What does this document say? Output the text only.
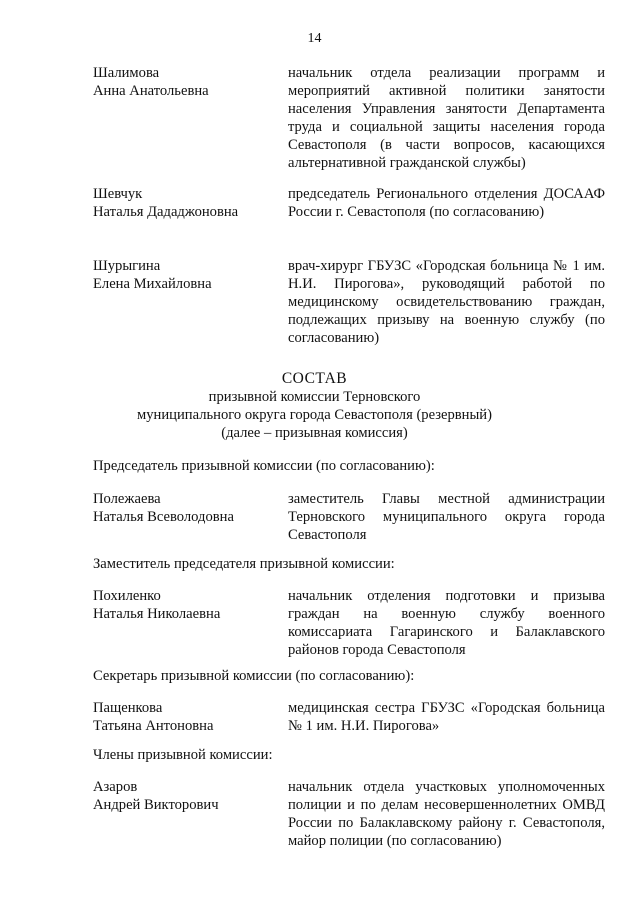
14
Шалимова
Анна Анатольевна
начальник отдела реализации программ и мероприятий активной политики занятости населения Управления занятости Департамента труда и социальной защиты населения города Севастополя (в части вопросов, касающихся альтернативной гражданской службы)
Шевчук
Наталья Дададжоновна
председатель Регионального отделения ДОСААФ России г. Севастополя (по согласованию)
Шурыгина
Елена Михайловна
врач-хирург ГБУЗС «Городская больница № 1 им. Н.И. Пирогова», руководящий работой по медицинскому освидетельствованию граждан, подлежащих призыву на военную службу (по согласованию)
СОСТАВ
призывной комиссии Терновского
муниципального округа города Севастополя (резервный)
(далее – призывная комиссия)
Председатель призывной комиссии (по согласованию):
Полежаева
Наталья Всеволодовна
заместитель Главы местной администрации Терновского муниципального округа города Севастополя
Заместитель председателя призывной комиссии:
Похиленко
Наталья Николаевна
начальник отделения подготовки и призыва граждан на военную службу военного комиссариата Гагаринского и Балаклавского районов города Севастополя
Секретарь призывной комиссии (по согласованию):
Пащенкова
Татьяна Антоновна
медицинская сестра ГБУЗС «Городская больница № 1 им. Н.И. Пирогова»
Члены призывной комиссии:
Азаров
Андрей Викторович
начальник отдела участковых уполномоченных полиции и по делам несовершеннолетних ОМВД России по Балаклавскому району г. Севастополя, майор полиции (по согласованию)
